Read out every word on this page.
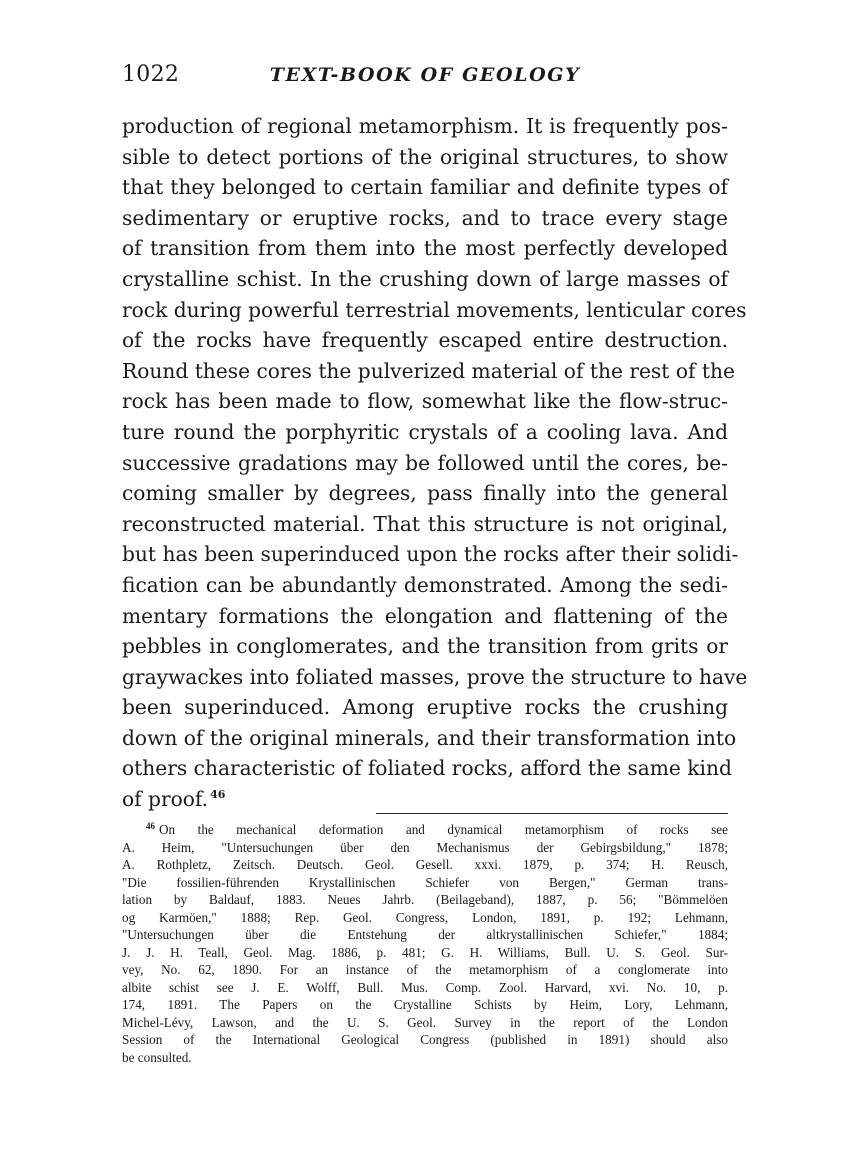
1022	TEXT-BOOK OF GEOLOGY
production of regional metamorphism. It is frequently pos-
sible to detect portions of the original structures, to show
that they belonged to certain familiar and definite types of
sedimentary or eruptive rocks, and to trace every stage
of transition from them into the most perfectly developed
crystalline schist. In the crushing down of large masses of
rock during powerful terrestrial movements, lenticular cores
of the rocks have frequently escaped entire destruction.
Round these cores the pulverized material of the rest of the
rock has been made to flow, somewhat like the flow-struc-
ture round the porphyritic crystals of a cooling lava. And
successive gradations may be followed until the cores, be-
coming smaller by degrees, pass finally into the general
reconstructed material. That this structure is not original,
but has been superinduced upon the rocks after their solidi-
fication can be abundantly demonstrated. Among the sedi-
mentary formations the elongation and flattening of the
pebbles in conglomerates, and the transition from grits or
graywackes into foliated masses, prove the structure to have
been superinduced. Among eruptive rocks the crushing
down of the original minerals, and their transformation into
others characteristic of foliated rocks, afford the same kind
of proof. $^{46}$
$^{46}$ On the mechanical deformation and dynamical metamorphism of rocks see
A. Heim, "Untersuchungen über den Mechanismus der Gebirgsbildung," 1878;
A. Rothpletz, Zeitsch. Deutsch. Geol. Gesell. xxxi. 1879, p. 374; H. Reusch,
"Die fossilien-führenden Krystallinischen Schiefer von Bergen," German trans-
lation by Baldauf, 1883. Neues Jahrb. (Beilageband), 1887, p. 56; "Bömmelöen
og Karmöen," 1888; Rep. Geol. Congress, London, 1891, p. 192; Lehmann,
"Untersuchungen über die Entstehung der altkrystallinischen Schiefer," 1884;
J. J. H. Teall, Geol. Mag. 1886, p. 481; G. H. Williams, Bull. U. S. Geol. Sur-
vey, No. 62, 1890. For an instance of the metamorphism of a conglomerate into
albite schist see J. E. Wolff, Bull. Mus. Comp. Zool. Harvard, xvi. No. 10, p.
174, 1891. The Papers on the Crystalline Schists by Heim, Lory, Lehmann,
Michel-Lévy, Lawson, and the U. S. Geol. Survey in the report of the London
Session of the International Geological Congress (published in 1891) should also
be consulted.
